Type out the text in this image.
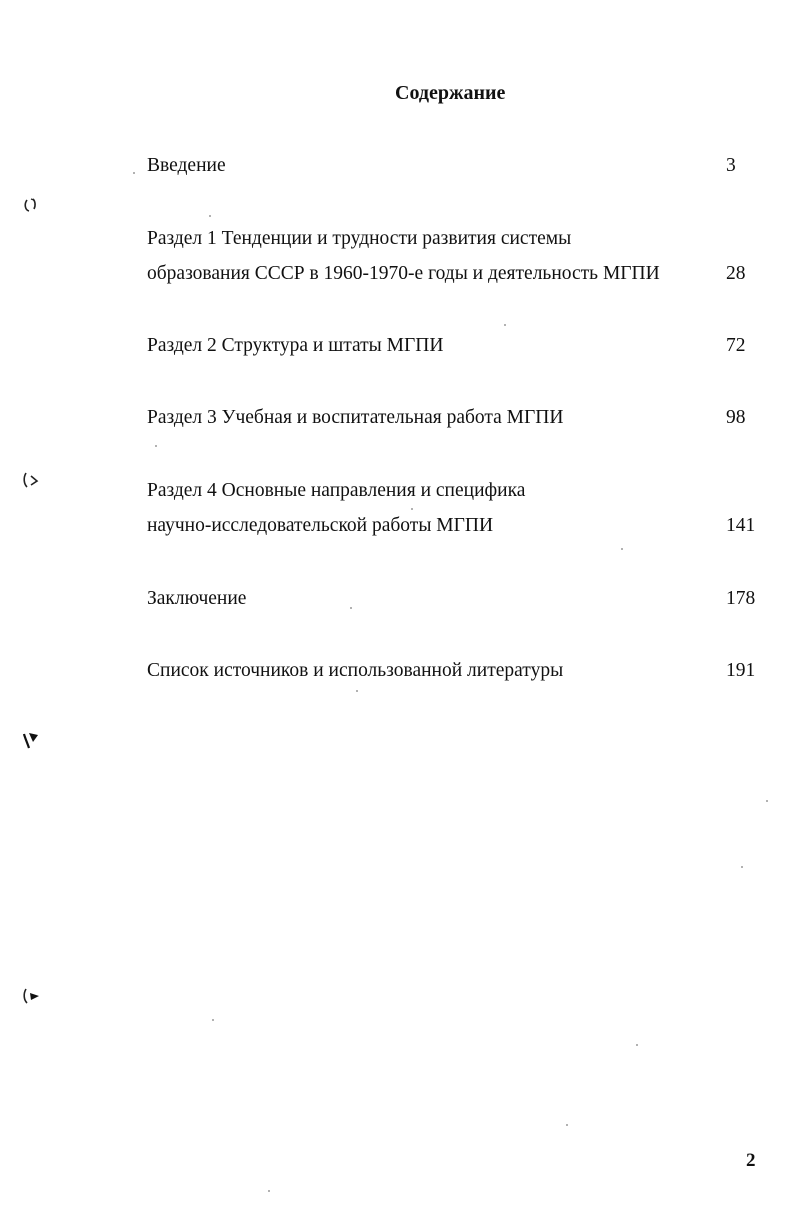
Содержание
Введение	3
Раздел 1 Тенденции и трудности развития системы
образования СССР в 1960-1970-е годы и деятельность МГПИ	28
Раздел 2 Структура и штаты МГПИ	72
Раздел 3 Учебная и воспитательная работа МГПИ	98
Раздел 4 Основные направления и специфика
научно-исследовательской работы МГПИ	141
Заключение	178
Список источников и использованной литературы	191
2
